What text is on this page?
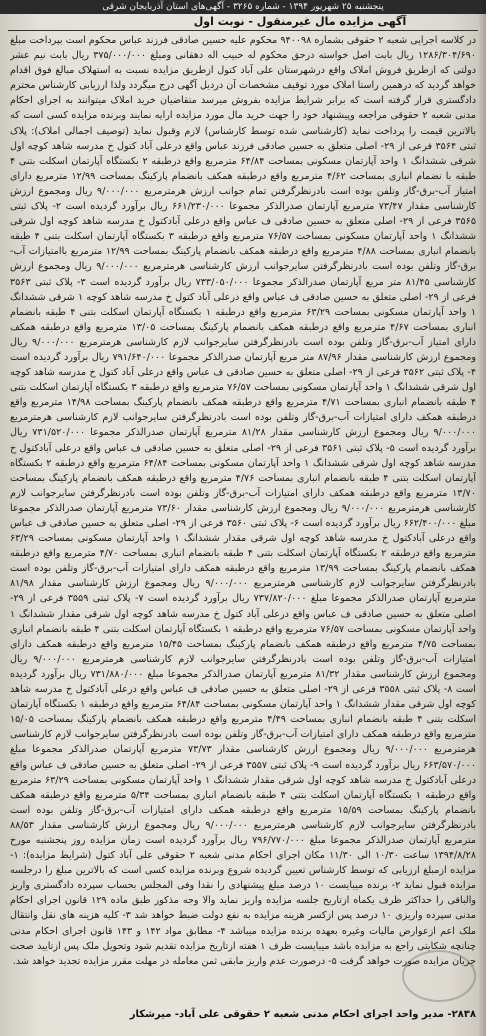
پنجشنبه ۲۵ شهریور ۱۳۹۴ - شماره ۳۲۶۵ - آگهی‌های استان آذربایجان شرقی
آگهی مزایده مال غیرمنقول - نوبت اول
در کلاسه اجرایی شعبه ۲ حقوقی بشماره ۹۴۰۰۹۸ محکوم علیه حسین صادقی فرزند عباس محکوم است بپرداخت مبلغ ۱۲۸۶/۳۰۴/۶۹۰ ریال بابت اصل خواسته درحق محکوم له حبیب اله دهقانی ومبلغ ۳۷۵/۰۰۰/۰۰۰ ریال بابت نیم عشر دولتی که ازطریق فروش املاک واقع درشهرستان علی آباد کتول ازطریق مزایده نسبت به استهلاک مبالغ فوق اقدام خواهد گردید که درهمین راستا املاک مورد توقیف مشخصات آن دردیل آگهی درج میگردد ولذا ارزیابی کارشناس محترم دادگستری قرار گرفته است که برابر شرایط مزایده بفروش میرسد متقاضیان خرید املاک میتوانند به اجرای احکام مدنی شعبه ۲ حقوقی مراجعه وپیشنهاد خود را جهت خرید مال مورد مزایده ارایه نمایند وبرنده مزایده کسی است که بالاترین قیمت را پرداخت نماید (کارشناسی شده توسط کارشناس) لازم وقبول نماید (توصیف اجمالی املاک): پلاک ثبتی ۳۵۶۴ فرعی از ۲۹- اصلی متعلق به حسین صادقی فرزند عباس واقع درعلی آباد کتول خ مدرسه شاهد کوچه اول شرقی ششدانگ ۱ واحد آپارتمان مسکونی بمساحت ۶۴/۸۴ مترمربع واقع درطبقه ۲ بکستگاه آپارتمان اسکلت بتنی ۴ طبقه با نضمام انباری بمساحت ۴/۶۲ مترمربع واقع درطبقه همکف بانضمام پارکینگ بمساحت ۱۲/۹۹ مترمربع دارای امتیاز آب-برق-گاز وتلفن بوده است بادرنظرگرفتن تمام جوانب ارزش هرمترمربع ۹/۰۰۰/۰۰۰ ریال ومجموع ارزش کارشناسی مقدار ۷۳/۴۷ مترمربع آپارتمان صدرالذکر مجموعا ۶۶۱/۲۳۰/۰۰۰ ریال برآورد گردیده است ۲- پلاک ثبتی ۳۵۶۵ فرعی از ۲۹- اصلی متعلق به حسین صادقی ف عباس واقع درعلی آبادکتول خ مدرسه شاهد کوچه اول شرقی ششدانگ ۱ واحد آپارتمان مسکونی بمساحت ۷۶/۵۷ مترمربع واقع درطبقه ۳ بکستگاه آپارتمان اسکلت بتنی ۴ طبقه بانضمام انباری بمساحت ۴/۸۸ مترمربع واقع درطبقه همکف بانضمام پارکینگ بمساحت ۱۲/۹۹ مترمربع باامتیازات آب-برق-گاز وتلفن بوده است بادرنظرگرفتن سایرجوانب ارزش کارشناسی هرمترمربع ۹/۰۰۰/۰۰۰ ریال ومجموع ارزش کارشناسی ۸۱/۴۵ متر مربع آپارتمان صدرالذکر مجموعا ۷۳۳/۰۵۰/۰۰۰ ریال برآورد گردیده است ۳- پلاک ثبتی ۳۵۶۳ فرعی از ۲۹- اصلی متعلق به حسین صادقی ف عباس واقع درعلی آباد کتول خ مدرسه شاهد کوچه ۱ شرقی ششدانگ ۱ واحد آپارتمان مسکونی بمساحت ۶۳/۲۹ مترمربع واقع درطبقه ۱ بکستگاه آپارتمان اسکلت بتنی ۴ طبقه بانضمام انباری بمساحت ۴/۶۷ مترمربع واقع درطبقه همکف بانضمام پارکینگ بمساحت ۱۳/۰۵ مترمربع واقع درطبقه همکف دارای امتیاز آب-برق-گاز وتلفن بوده است بادرنظرگرفتن سایرجوانب لازم کارشناسی هرمترمربع ۹/۰۰۰/۰۰۰ ریال ومجموع ارزش کارشناسی مقدار ۸۷/۹۶ متر مربع آپارتمان صدرالذکر مجموعا ۷۹۱/۶۴۰/۰۰۰ ریال برآورد گردیده است ۴- پلاک ثبتی ۳۵۶۲ فرعی از ۲۹- اصلی متعلق به حسین صادقی ف عباس واقع درعلی آباد کتول خ مدرسه شاهد کوچه اول شرقی ششدانگ ۱ واحد آپارتمان مسکونی بمساحت ۷۶/۵۷ مترمربع واقع درطبقه ۳ بکستگاه آپارتمان اسکلت بتنی ۴ طبقه بانضمام انباری بمساحت ۴/۷۱ مترمربع واقع درطبقه همکف بانضمام پارکینگ بمساحت ۱۴/۹۸ مترمربع واقع درطبقه همکف دارای امتیازات آب-برق-گاز وتلفن بوده است بادرنظرگرفتن سایرجوانب لازم کارشناسی هرمترمربع ۹/۰۰۰/۰۰۰ ریال ومجموع ارزش کارشناسی مقدار ۸۱/۲۸ مترمربع آپارتمان صدرالذکر مجموعا ۷۳۱/۵۲۰/۰۰۰ ریال برآورد گردیده است ۵- پلاک ثبتی ۳۵۶۱ فرعی از ۲۹- اصلی متعلق به حسین صادقی ف عباس واقع درعلی آبادکتول خ مدرسه شاهد کوچه اول شرقی ششدانگ ۱ واحد آپارتمان مسکونی بمساحت ۶۴/۸۴ مترمربع واقع درطبقه ۲ بکستگاه آپارتمان اسکلت بتنی ۴ طبقه بانضمام انباری بمساحت ۴/۷۶ مترمربع واقع درطبقه همکف بانضمام پارکینگ بمساحت ۱۳/۷۰ مترمربع واقع درطبقه همکف دارای امتیازات آب-برق-گاز وتلفن بوده است بادرنظرگرفتن سایرجوانب لازم کارشناسی هرمترمربع ۹/۰۰۰/۰۰۰ ریال ومجموع ارزش کارشناسی مقدار ۷۳/۶۰ مترمربع آپارتمان صدرالذکر مجموعا مبلغ ۶۶۲/۴۰۰/۰۰۰ ریال برآورد گردیده است ۶- پلاک ثبتی ۳۵۶۰ فرعی از ۲۹- اصلی متعلق به حسین صادقی ف عباس واقع درعلی آبادکتول خ مدرسه شاهد کوچه اول شرقی مقدار ششدانگ ۱ واحد آپارتمان مسکونی بمساحت ۶۳/۲۹ مترمربع واقع درطبقه ۲ بکستگاه آپارتمان اسکلت بتنی ۴ طبقه بانضمام انباری بمساحت ۴/۷۰ مترمربع واقع درطبقه همکف بانضمام پارکینگ بمساحت ۱۳/۹۹ مترمربع واقع درطبقه همکف دارای امتیازات آب-برق-گاز وتلفن بوده است بادرنظرگرفتن سایرجوانب لازم کارشناسی هرمترمربع ۹/۰۰۰/۰۰۰ ریال ومجموع ارزش کارشناسی مقدار ۸۱/۹۸ مترمربع آپارتمان صدرالذکر مجموعا مبلغ ۷۳۷/۸۲۰/۰۰۰ ریال برآورد گردیده است ۷- پلاک ثبتی ۳۵۵۹ فرعی از ۲۹- اصلی متعلق به حسین صادقی ف عباس واقع درعلی آباد کتول خ مدرسه شاهد کوچه اول شرقی مقدار ششدانگ ۱ واحد آپارتمان مسکونی بمساحت ۷۶/۵۷ مترمربع واقع درطبقه ۱ بکستگاه آپارتمان اسکلت بتنی ۴ طبقه بانضمام انباری بمساحت ۴/۷۵ مترمربع واقع درطبقه همکف بانضمام پارکینگ بمساحت ۱۵/۴۵ مترمربع واقع درطبقه همکف دارای امتیازات آب-برق-گاز وتلفن بوده است بادرنظرگرفتن سایرجوانب لازم کارشناسی هرمترمربع ۹/۰۰۰/۰۰۰ ریال ومجموع ارزش کارشناسی مقدار ۸۱/۳۲ مترمربع آپارتمان صدرالذکر مجموعا مبلغ ۷۳۱/۸۸۰/۰۰۰ ریال برآورد گردیده است ۸- پلاک ثبتی ۳۵۵۸ فرعی از ۲۹- اصلی متعلق به حسین صادقی ف عباس واقع درعلی آبادکتول خ مدرسه شاهد کوچه اول شرقی مقدار ششدانگ ۱ واحد آپارتمان مسکونی بمساحت ۶۴/۸۴ مترمربع واقع درطبقه ۱ بکستگاه آپارتمان اسکلت بتنی ۴ طبقه بانضمام انباری بمساحت ۴/۴۹ مترمربع واقع درطبقه همکف بانضمام پارکینگ بمساحت ۱۵/۰۵ مترمربع واقع درطبقه همکف دارای امتیازات آب-برق-گاز وتلفن بوده است بادرنظرگرفتن سایرجوانب لازم کارشناسی هرمترمربع ۹/۰۰۰/۰۰۰ ریال ومجموع ارزش کارشناسی مقدار ۷۳/۷۳ مترمربع آپارتمان صدرالذکر مجموعا مبلغ ۶۶۳/۵۷۰/۰۰۰ ریال برآورد گردیده است ۹- پلاک ثبتی ۳۵۵۷ فرعی از ۲۹- اصلی متعلق به حسین صادقی ف عباس واقع درعلی آبادکتول خ مدرسه شاهد کوچه اول شرقی مقدار ششدانگ ۱ واحد آپارتمان مسکونی بمساحت ۶۳/۲۹ مترمربع واقع درطبقه ۱ بکستگاه آپارتمان اسکلت بتنی ۴ طبقه بانضمام انباری بمساحت ۵/۳۴ مترمربع واقع درطبقه همکف بانضمام پارکینگ بمساحت ۱۵/۵۹ مترمربع واقع درطبقه همکف دارای امتیازات آب-برق-گاز وتلفن بوده است بادرنظرگرفتن سایرجوانب لازم کارشناسی هرمترمربع ۹/۰۰۰/۰۰۰ ریال ومجموع ارزش کارشناسی مقدار ۸۸/۵۳ مترمربع آپارتمان صدرالذکر مجموعا مبلغ ۷۹۶/۷۷۰/۰۰۰ ریال برآورد گردیده است زمان مزایده روز پنجشنبه مورخ ۱۳۹۴/۸/۲۸ ساعت ۱۰/۳۰ الی ۱۱/۳۰ مکان اجرای احکام مدنی شعبه ۲ حقوقی علی آباد کتول (شرایط مزایده): ۱- مزایده ازمبلغ ارزیابی که توسط کارشناس تعیین گردیده شروع وبرنده مزایده کسی است که بالاترین مبلغ را درجلسه مزایده قبول نماید ۲- برنده میبایست ۱۰ درصد مبلغ پیشنهادی را نقدا وفی المجلس بحساب سپرده دادگستری واریز والباقی را حداکثر ظرف یکماه ازتاریخ جلسه مزایده واریز نماید والا وجه مذکور طبق ماده ۱۲۹ قانون اجرای احکام مدنی سپرده واریزی ۱۰ درصد پس ازکسر هزینه مزایده به نفع دولت ضبط خواهد شد ۳- کلیه هزینه های نقل وانتقال ملک اعم ازعوارض مالیات وغیره بعهده برنده مزایده میباشد ۴- مطابق مواد ۱۴۲ و ۱۴۳ قانون اجرای احکام مدنی چنانچه شکایتی راجع به مزایده باشد میبایست ظرف ۱ هفته ازتاریخ مزایده تقدیم شود وتحویل ملک پس ازتایید صحت جریان مزایده صورت خواهد گرفت ۵- درصورت عدم واریز مابقی ثمن معامله در مهلت مقرر مزایده تجدید خواهد شد.
۲۸۳۸- مدیر واحد اجرای احکام مدنی شعبه ۲ حقوقی علی آباد- میرشکار
